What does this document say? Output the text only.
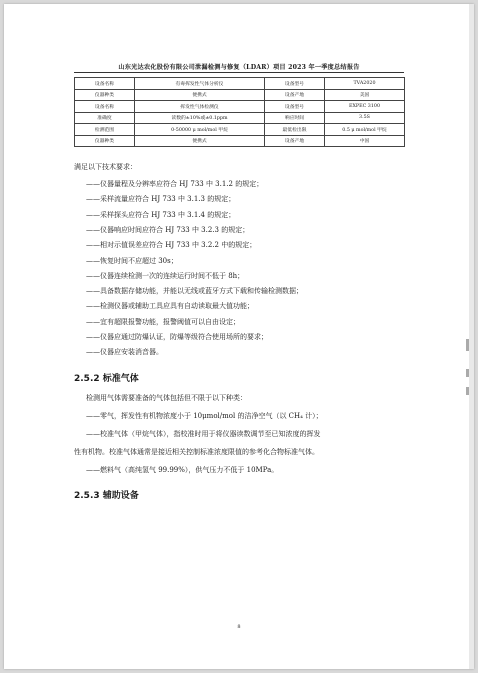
山东光达农化股份有限公司泄漏检测与修复（LDAR）项目 2023 年一季度总结报告
设备名称	有毒挥发性气体分析仪	设备型号	TVA2020
仪器种类	便携式	设备产地	美国
设备名称	挥发性气体检测仪	设备型号	EXPEC 3100
准确度	读数的±10%或±0.1ppm	响应时间	3.5S
检测范围	0-50000 μ mol/mol 甲烷	最低检出限	0.5 μ mol/mol 甲烷
仪器种类	便携式	设备产地	中国
满足以下技术要求：
——仪器量程及分辨率应符合 HJ 733 中 3.1.2 的规定；
——采样流量应符合 HJ 733 中 3.1.3 的规定；
——采样探头应符合 HJ 733 中 3.1.4 的规定；
——仪器响应时间应符合 HJ 733 中 3.2.3 的规定；
——相对示值误差应符合 HJ 733 中 3.2.2 中的规定；
——恢复时间不应超过 30s；
——仪器连续检测一次的连续运行时间不低于 8h；
——具备数据存储功能，并能以无线或蓝牙方式下载和传输检测数据；
——检测仪器或辅助工具应具有自动读取最大值功能；
——宜有超限报警功能，报警阈值可以自由设定；
——仪器应通过防爆认证，防爆等级符合使用场所的要求；
——仪器应安装消音器。
2.5.2 标准气体
检测用气体需要准备的气体包括但不限于以下种类：
——零气，挥发性有机物浓度小于 10μmol/mol 的洁净空气（以 CH₄ 计）；
——校准气体（甲烷气体），指校准时用于将仪器读数调节至已知浓度的挥发
性有机物。校准气体通常是接近相关控制标准浓度限值的参考化合物标准气体。
——燃料气（高纯氢气 99.99%），供气压力不低于 10MPa。
2.5.3 辅助设备
8
